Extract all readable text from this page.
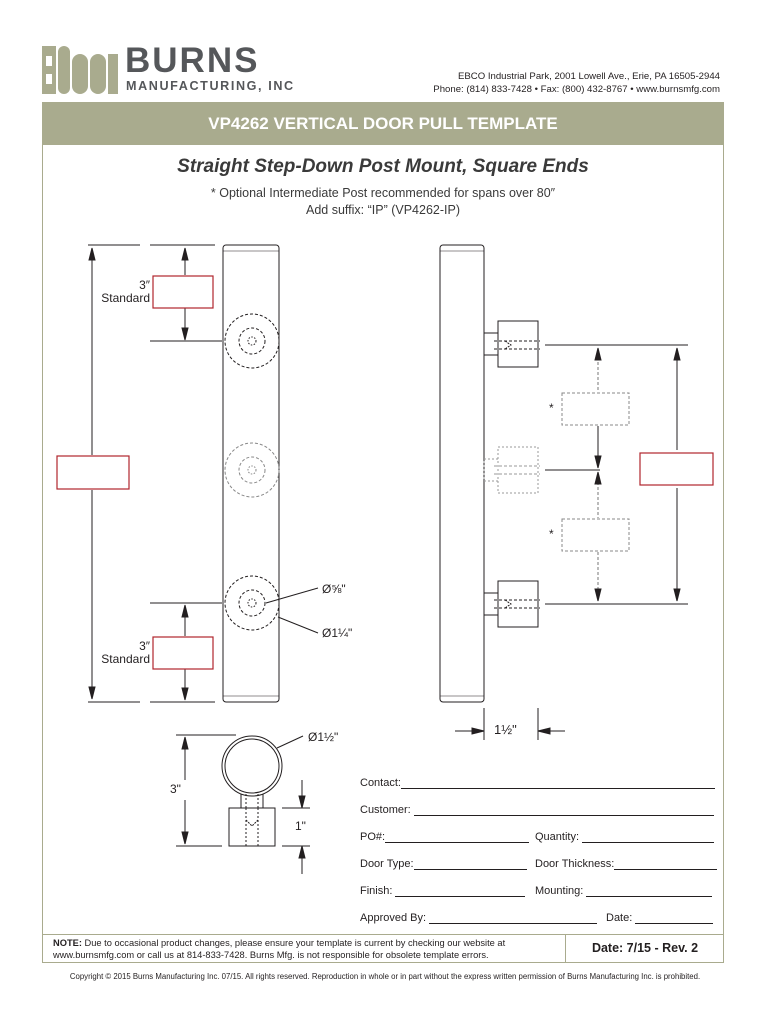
BURNS
MANUFACTURING, INC
EBCO Industrial Park, 2001 Lowell Ave., Erie, PA 16505-2944
Phone: (814) 833-7428 • Fax: (800) 432-8767 • www.burnsmfg.com
VP4262 VERTICAL DOOR PULL TEMPLATE
Straight Step-Down Post Mount, Square Ends
* Optional Intermediate Post recommended for spans over 80″
Add suffix: “IP” (VP4262-IP)
3″
Standard
3″
Standard
Ø⅝"
Ø1¼"
Ø1½"	1½"
3"
1"
*
*
Contact:
Customer:
PO#:	Quantity:
Door Type:	Door Thickness:
Finish:	Mounting:
Approved By:	Date:
NOTE: Due to occasional product changes, please ensure your template is current by checking our website at www.burnsmfg.com or call us at 814-833-7428. Burns Mfg. is not responsible for obsolete template errors.	Date: 7/15 - Rev. 2
Copyright © 2015 Burns Manufacturing Inc. 07/15. All rights reserved. Reproduction in whole or in part without the express written permission of Burns Manufacturing Inc. is prohibited.
